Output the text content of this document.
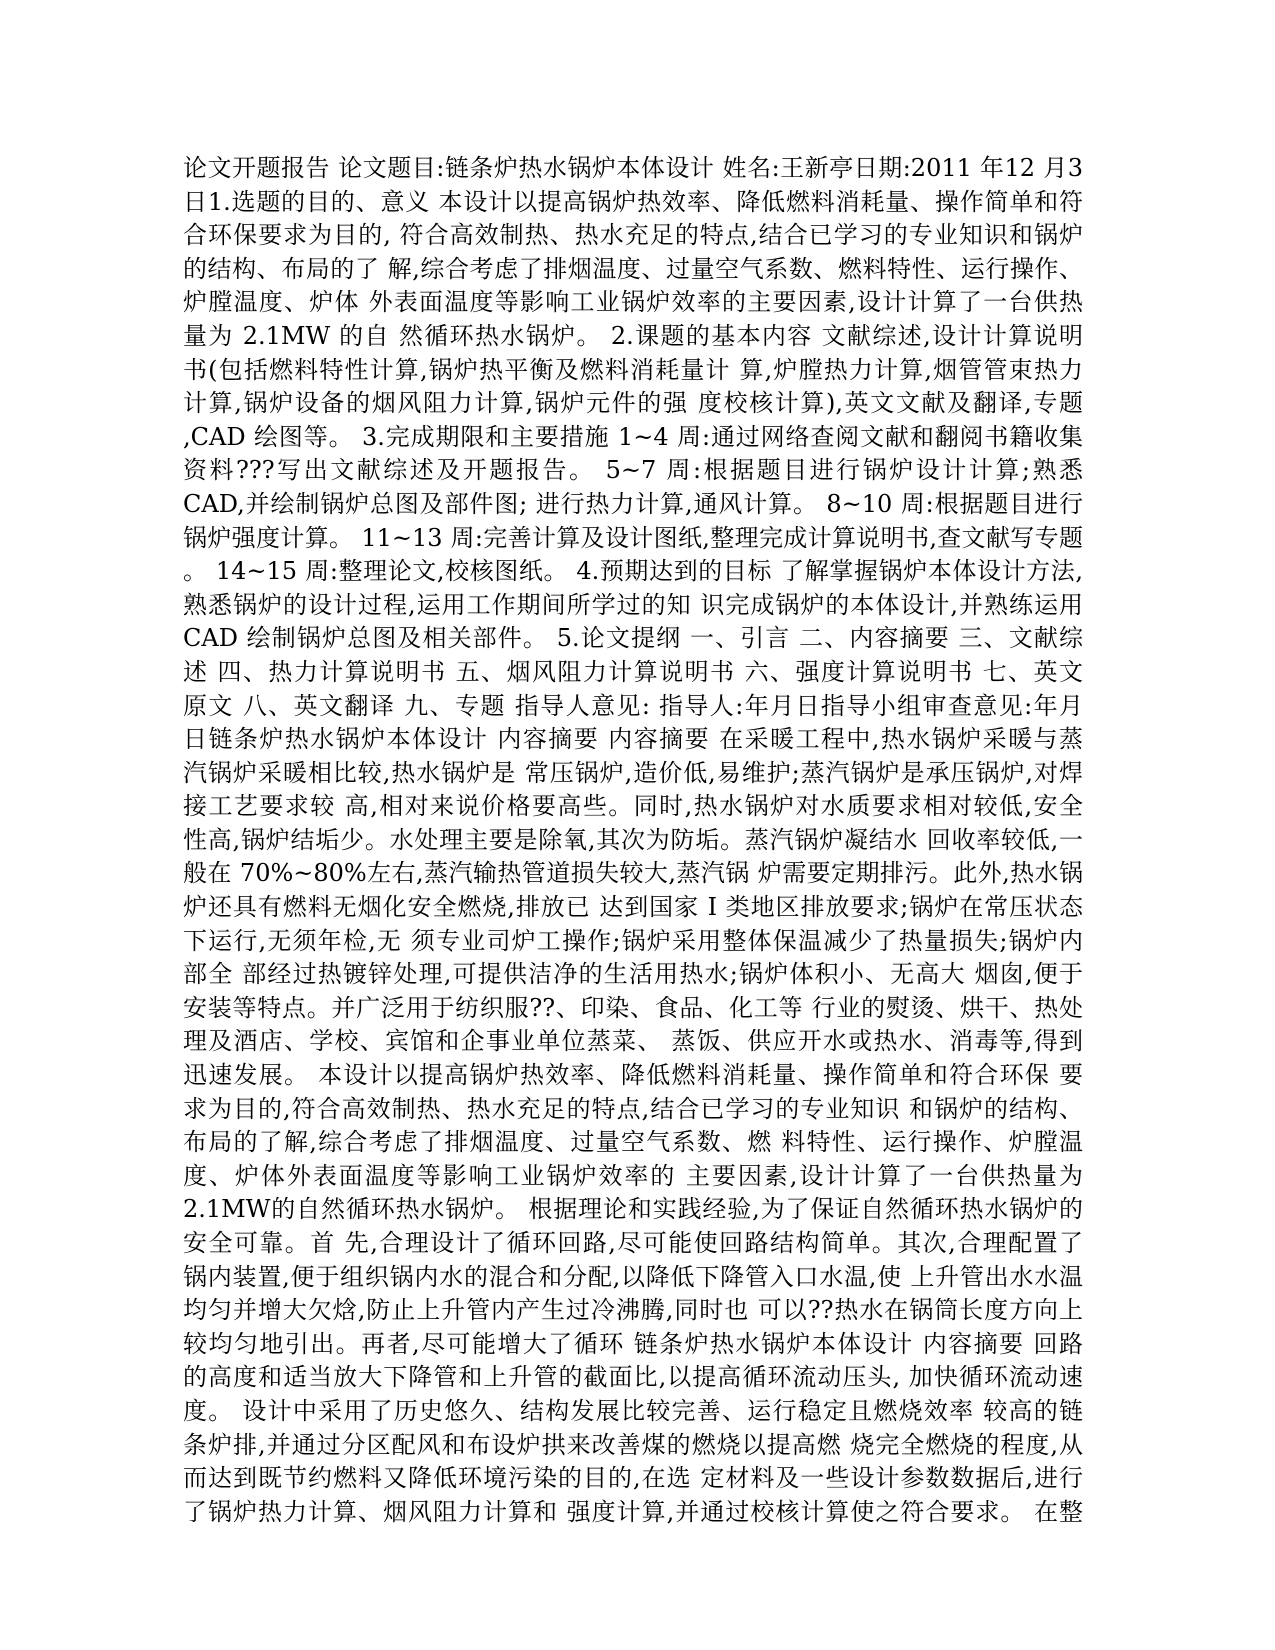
论文开题报告 论文题目:链条炉热水锅炉本体设计 姓名:王新亭日期:2011 年12 月3
日1.选题的目的、意义 本设计以提高锅炉热效率、降低燃料消耗量、操作简单和符
合环保要求为目的, 符合高效制热、热水充足的特点,结合已学习的专业知识和锅炉
的结构、布局的了 解,综合考虑了排烟温度、过量空气系数、燃料特性、运行操作、
炉膛温度、炉体 外表面温度等影响工业锅炉效率的主要因素,设计计算了一台供热
量为 2.1MW 的自 然循环热水锅炉。 2.课题的基本内容 文献综述,设计计算说明
书(包括燃料特性计算,锅炉热平衡及燃料消耗量计 算,炉膛热力计算,烟管管束热力
计算,锅炉设备的烟风阻力计算,锅炉元件的强 度校核计算),英文文献及翻译,专题
,CAD 绘图等。 3.完成期限和主要措施 1~4 周:通过网络查阅文献和翻阅书籍收集
资料???写出文献综述及开题报告。 5~7 周:根据题目进行锅炉设计计算;熟悉
CAD,并绘制锅炉总图及部件图; 进行热力计算,通风计算。 8~10 周:根据题目进行
锅炉强度计算。 11~13 周:完善计算及设计图纸,整理完成计算说明书,查文献写专题
。 14~15 周:整理论文,校核图纸。 4.预期达到的目标 了解掌握锅炉本体设计方法,
熟悉锅炉的设计过程,运用工作期间所学过的知 识完成锅炉的本体设计,并熟练运用
CAD 绘制锅炉总图及相关部件。 5.论文提纲 一、引言 二、内容摘要 三、文献综
述 四、热力计算说明书 五、烟风阻力计算说明书 六、强度计算说明书 七、英文
原文 八、英文翻译 九、专题 指导人意见: 指导人:年月日指导小组审查意见:年月
日链条炉热水锅炉本体设计 内容摘要 内容摘要 在采暖工程中,热水锅炉采暖与蒸
汽锅炉采暖相比较,热水锅炉是 常压锅炉,造价低,易维护;蒸汽锅炉是承压锅炉,对焊
接工艺要求较 高,相对来说价格要高些。同时,热水锅炉对水质要求相对较低,安全
性高,锅炉结垢少。水处理主要是除氧,其次为防垢。蒸汽锅炉凝结水 回收率较低,一
般在 70%~80%左右,蒸汽输热管道损失较大,蒸汽锅 炉需要定期排污。此外,热水锅
炉还具有燃料无烟化安全燃烧,排放已 达到国家 I 类地区排放要求;锅炉在常压状态
下运行,无须年检,无 须专业司炉工操作;锅炉采用整体保温减少了热量损失;锅炉内
部全 部经过热镀锌处理,可提供洁净的生活用热水;锅炉体积小、无高大 烟囱,便于
安装等特点。并广泛用于纺织服??、印染、食品、化工等 行业的熨烫、烘干、热处
理及酒店、学校、宾馆和企事业单位蒸菜、 蒸饭、供应开水或热水、消毒等,得到
迅速发展。 本设计以提高锅炉热效率、降低燃料消耗量、操作简单和符合环保 要
求为目的,符合高效制热、热水充足的特点,结合已学习的专业知识 和锅炉的结构、
布局的了解,综合考虑了排烟温度、过量空气系数、燃 料特性、运行操作、炉膛温
度、炉体外表面温度等影响工业锅炉效率的 主要因素,设计计算了一台供热量为
2.1MW的自然循环热水锅炉。 根据理论和实践经验,为了保证自然循环热水锅炉的
安全可靠。首 先,合理设计了循环回路,尽可能使回路结构简单。其次,合理配置了
锅内装置,便于组织锅内水的混合和分配,以降低下降管入口水温,使 上升管出水水温
均匀并增大欠焓,防止上升管内产生过冷沸腾,同时也 可以??热水在锅筒长度方向上
较均匀地引出。再者,尽可能增大了循环 链条炉热水锅炉本体设计 内容摘要 回路
的高度和适当放大下降管和上升管的截面比,以提高循环流动压头, 加快循环流动速
度。 设计中采用了历史悠久、结构发展比较完善、运行稳定且燃烧效率 较高的链
条炉排,并通过分区配风和布设炉拱来改善煤的燃烧以提高燃 烧完全燃烧的程度,从
而达到既节约燃料又降低环境污染的目的,在选 定材料及一些设计参数数据后,进行
了锅炉热力计算、烟风阻力计算和 强度计算,并通过校核计算使之符合要求。 在整
